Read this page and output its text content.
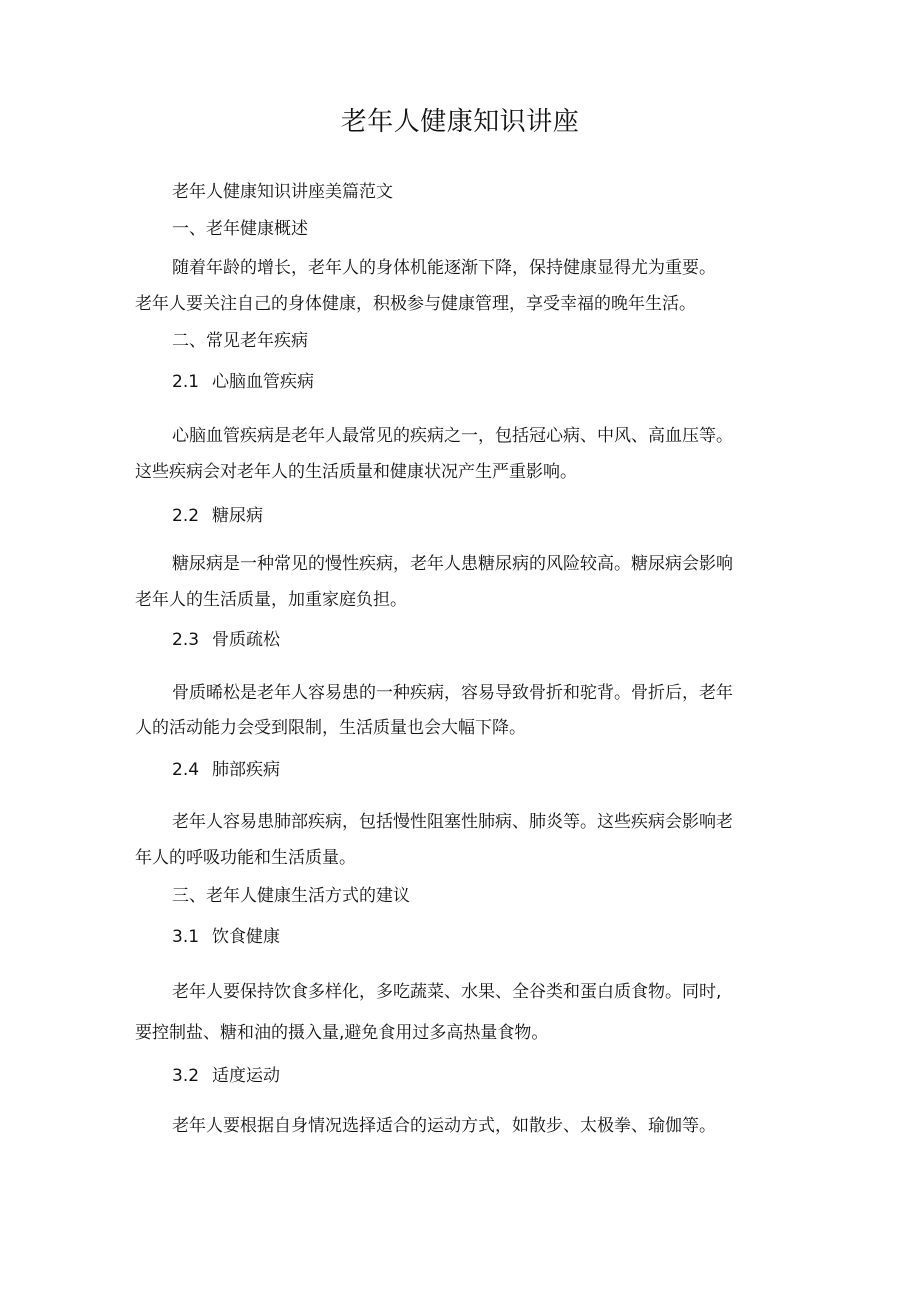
老年人健康知识讲座
老年人健康知识讲座美篇范文
一、老年健康概述
随着年龄的增长，老年人的身体机能逐渐下降，保持健康显得尤为重要。
老年人要关注自己的身体健康，积极参与健康管理，享受幸福的晚年生活。
二、常见老年疾病
2.1 心脑血管疾病
心脑血管疾病是老年人最常见的疾病之一，包括冠心病、中风、高血压等。
这些疾病会对老年人的生活质量和健康状况产生严重影响。
2.2 糖尿病
糖尿病是一种常见的慢性疾病，老年人患糖尿病的风险较高。糖尿病会影响
老年人的生活质量，加重家庭负担。
2.3 骨质疏松
骨质晞松是老年人容易患的一种疾病，容易导致骨折和驼背。骨折后，老年
人的活动能力会受到限制，生活质量也会大幅下降。
2.4 肺部疾病
老年人容易患肺部疾病，包括慢性阻塞性肺病、肺炎等。这些疾病会影响老
年人的呼吸功能和生活质量。
三、老年人健康生活方式的建议
3.1 饮食健康
老年人要保持饮食多样化，多吃蔬菜、水果、全谷类和蛋白质食物。同时,
要控制盐、糖和油的摄入量,避免食用过多高热量食物。
3.2 适度运动
老年人要根据自身情况选择适合的运动方式，如散步、太极拳、瑜伽等。
